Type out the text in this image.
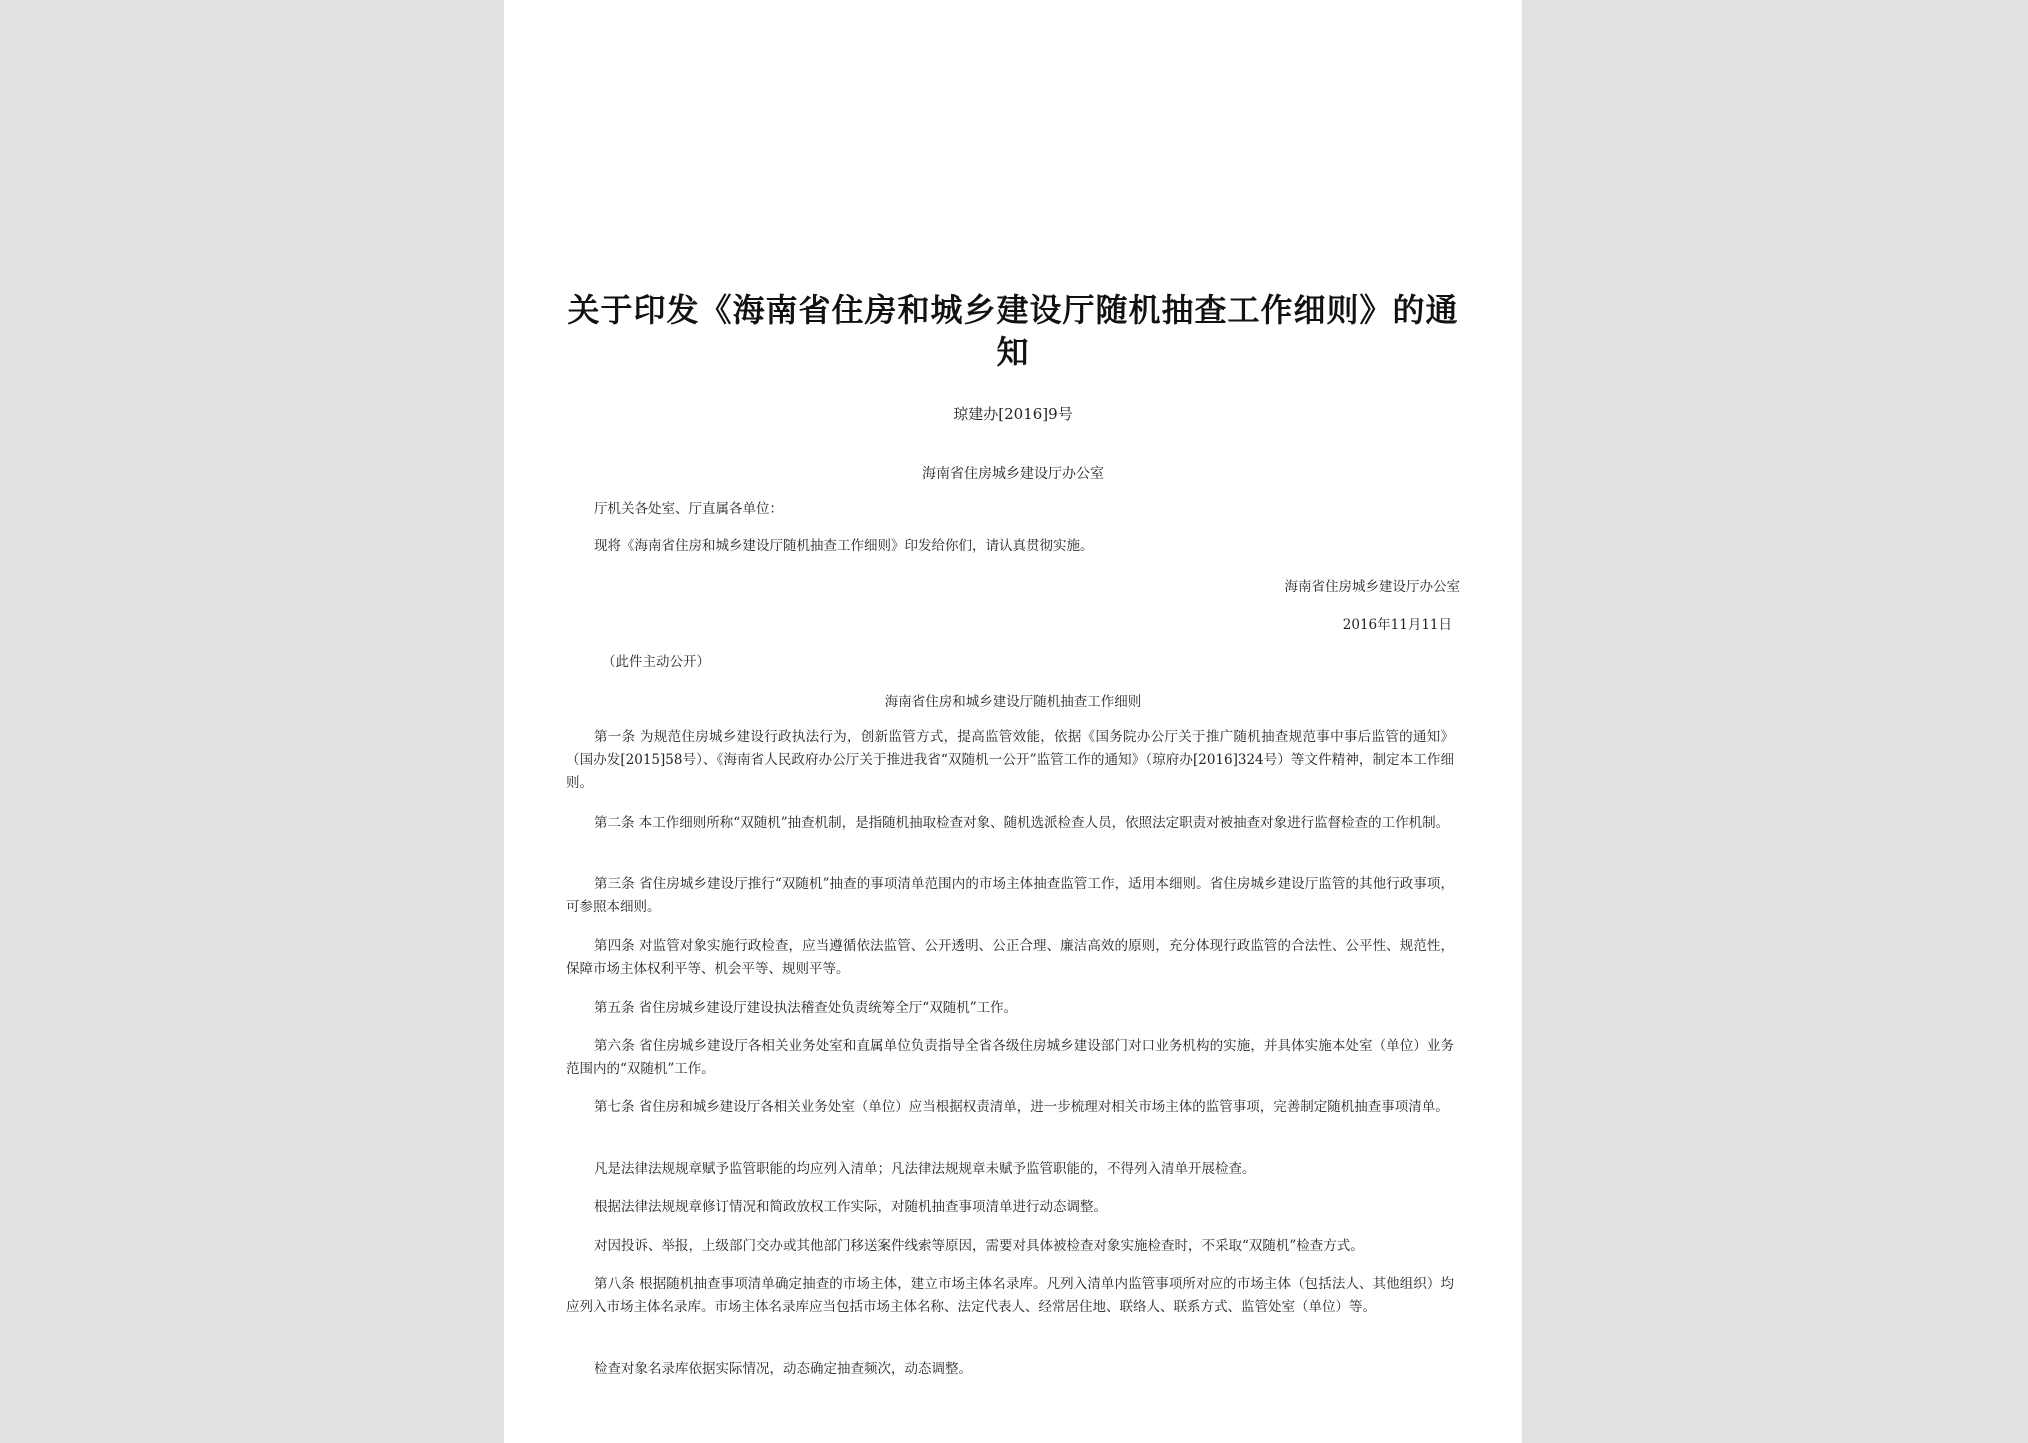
关于印发《海南省住房和城乡建设厅随机抽查工作细则》的通知
琼建办[2016]9号
海南省住房城乡建设厅办公室
厅机关各处室、厅直属各单位：
现将《海南省住房和城乡建设厅随机抽查工作细则》印发给你们，请认真贯彻实施。
海南省住房城乡建设厅办公室
2016年11月11日
（此件主动公开）
海南省住房和城乡建设厅随机抽查工作细则
第一条 为规范住房城乡建设行政执法行为，创新监管方式，提高监管效能，依据《国务院办公厅关于推广随机抽查规范事中事后监管的通知》（国办发[2015]58号）、《海南省人民政府办公厅关于推进我省“双随机一公开”监管工作的通知》（琼府办[2016]324号）等文件精神，制定本工作细则。
第二条 本工作细则所称“双随机”抽查机制，是指随机抽取检查对象、随机选派检查人员，依照法定职责对被抽查对象进行监督检查的工作机制。
第三条 省住房城乡建设厅推行“双随机”抽查的事项清单范围内的市场主体抽查监管工作，适用本细则。省住房城乡建设厅监管的其他行政事项，可参照本细则。
第四条 对监管对象实施行政检查，应当遵循依法监管、公开透明、公正合理、廉洁高效的原则，充分体现行政监管的合法性、公平性、规范性，保障市场主体权利平等、机会平等、规则平等。
第五条 省住房城乡建设厅建设执法稽查处负责统筹全厅“双随机”工作。
第六条 省住房城乡建设厅各相关业务处室和直属单位负责指导全省各级住房城乡建设部门对口业务机构的实施，并具体实施本处室（单位）业务范围内的“双随机”工作。
第七条 省住房和城乡建设厅各相关业务处室（单位）应当根据权责清单，进一步梳理对相关市场主体的监管事项，完善制定随机抽查事项清单。
凡是法律法规规章赋予监管职能的均应列入清单；凡法律法规规章未赋予监管职能的，不得列入清单开展检查。
根据法律法规规章修订情况和简政放权工作实际，对随机抽查事项清单进行动态调整。
对因投诉、举报，上级部门交办或其他部门移送案件线索等原因，需要对具体被检查对象实施检查时，不采取“双随机”检查方式。
第八条 根据随机抽查事项清单确定抽查的市场主体，建立市场主体名录库。凡列入清单内监管事项所对应的市场主体（包括法人、其他组织）均应列入市场主体名录库。市场主体名录库应当包括市场主体名称、法定代表人、经常居住地、联络人、联系方式、监管处室（单位）等。
检查对象名录库依据实际情况，动态确定抽查频次，动态调整。
